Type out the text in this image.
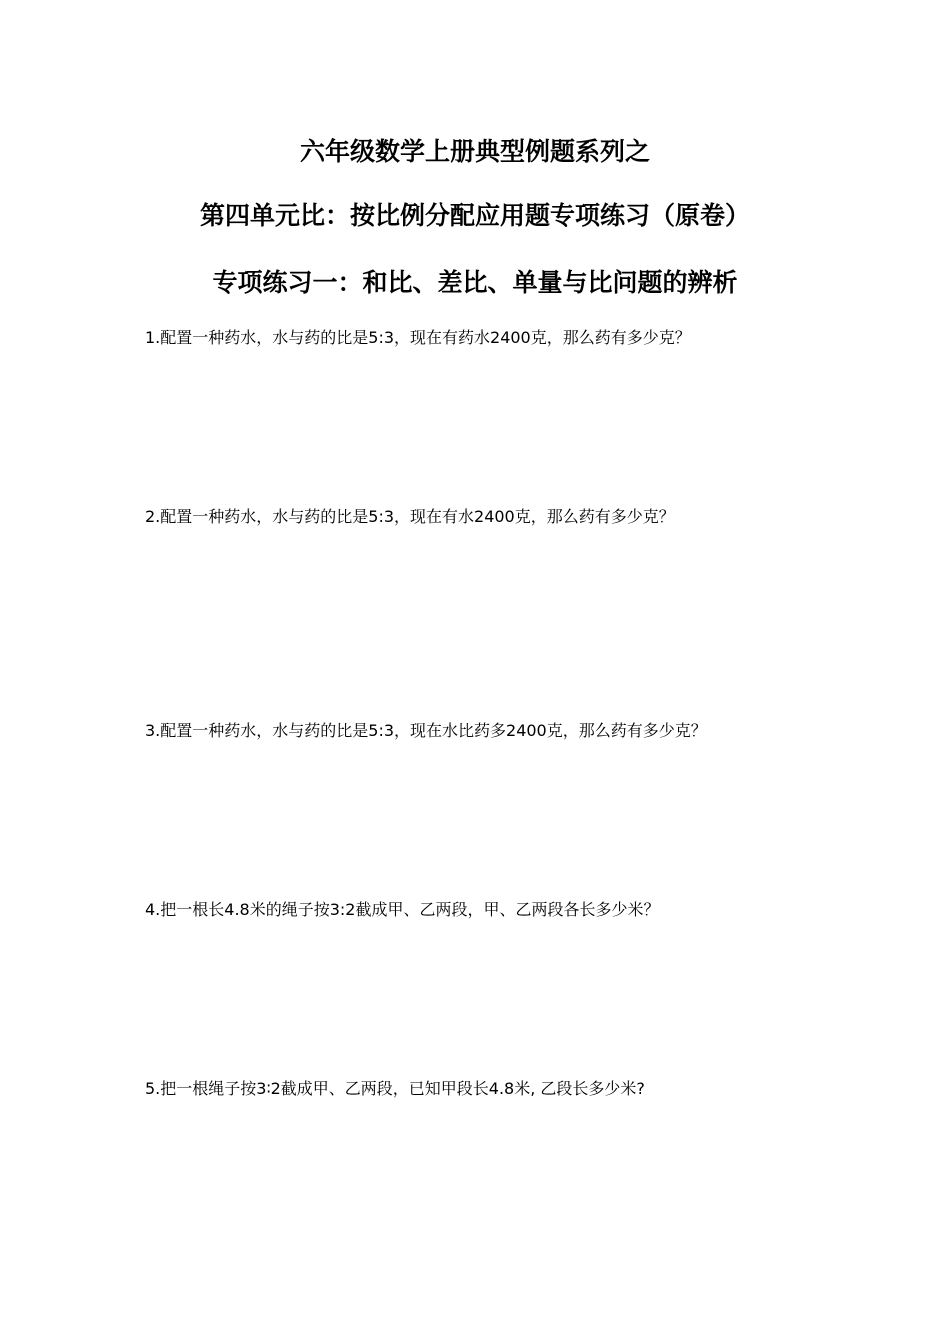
六年级数学上册典型例题系列之
第四单元比：按比例分配应用题专项练习（原卷）
专项练习一：和比、差比、单量与比问题的辨析
1.配置一种药水，水与药的比是5:3，现在有药水2400克，那么药有多少克？
2.配置一种药水，水与药的比是5:3，现在有水2400克，那么药有多少克？
3.配置一种药水，水与药的比是5:3，现在水比药多2400克，那么药有多少克？
4.把一根长4.8米的绳子按3:2截成甲、乙两段，甲、乙两段各长多少米？
5.把一根绳子按3∶2截成甲、乙两段，已知甲段长4.8米, 乙段长多少米?
